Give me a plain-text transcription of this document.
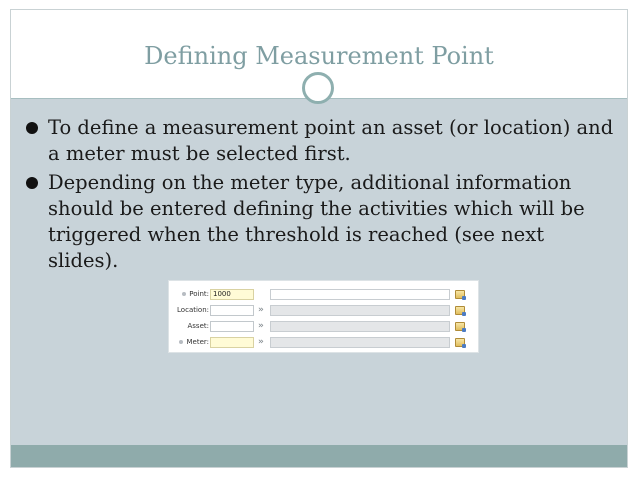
Defining Measurement Point
To define a measurement point an asset (or location) and a meter must be selected first.
Depending on the meter type, additional information should be entered defining the activities which will be triggered when the threshold is reached (see next slides).
Point: 1000
Location:	»
Asset:	»
Meter:	»
